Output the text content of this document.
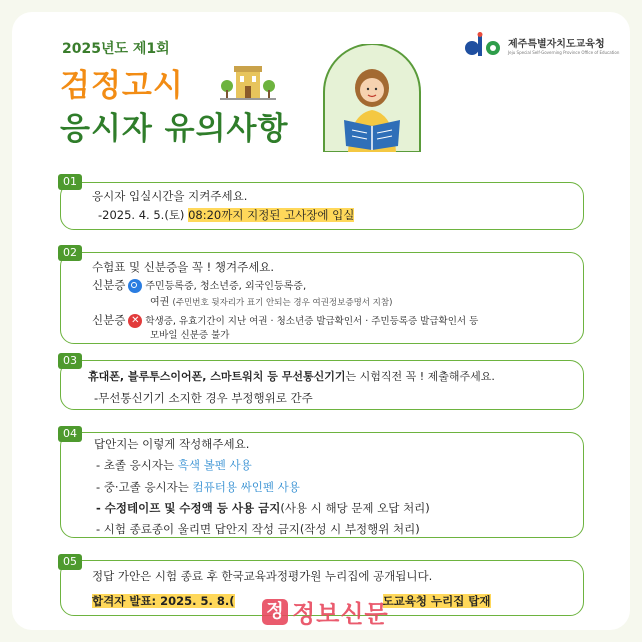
2025년도 제1회
검정고시
응시자 유의사항
제주특별자치도교육청
Jeju Special Self-Governing Province Office of Education
01
응시자 입실시간을 지켜주세요.
-2025. 4. 5.(토) 08:20까지 지정된 고사장에 입실
02
수험표 및 신분증을 꼭 ! 챙겨주세요.
신분증 주민등록증, 청소년증, 외국인등록증,
여권 (주민번호 뒷자리가 표기 안되는 경우 여권정보증명서 지참)
신분증 ✕ 학생증, 유효기간이 지난 여권 · 청소년증 발급확인서 · 주민등록증 발급확인서 등
모바일 신분증 불가
03
휴대폰, 블루투스이어폰, 스마트워치 등 무선통신기기는 시험직전 꼭 ! 제출해주세요.
-무선통신기기 소지한 경우 부정행위로 간주
04
답안지는 이렇게 작성해주세요.
- 초졸 응시자는 흑색 볼펜 사용
- 중·고졸 응시자는 컴퓨터용 싸인펜 사용
- 수정테이프 및 수정액 등 사용 금지(사용 시 해당 문제 오답 처리)
- 시험 종료종이 울리면 답안지 작성 금지(작성 시 부정행위 처리)
05
정답 가안은 시험 종료 후 한국교육과정평가원 누리집에 공개됩니다.
합격자 발표: 2025. 5. 8.(	도교육청 누리집 탑재
정 정보신문
